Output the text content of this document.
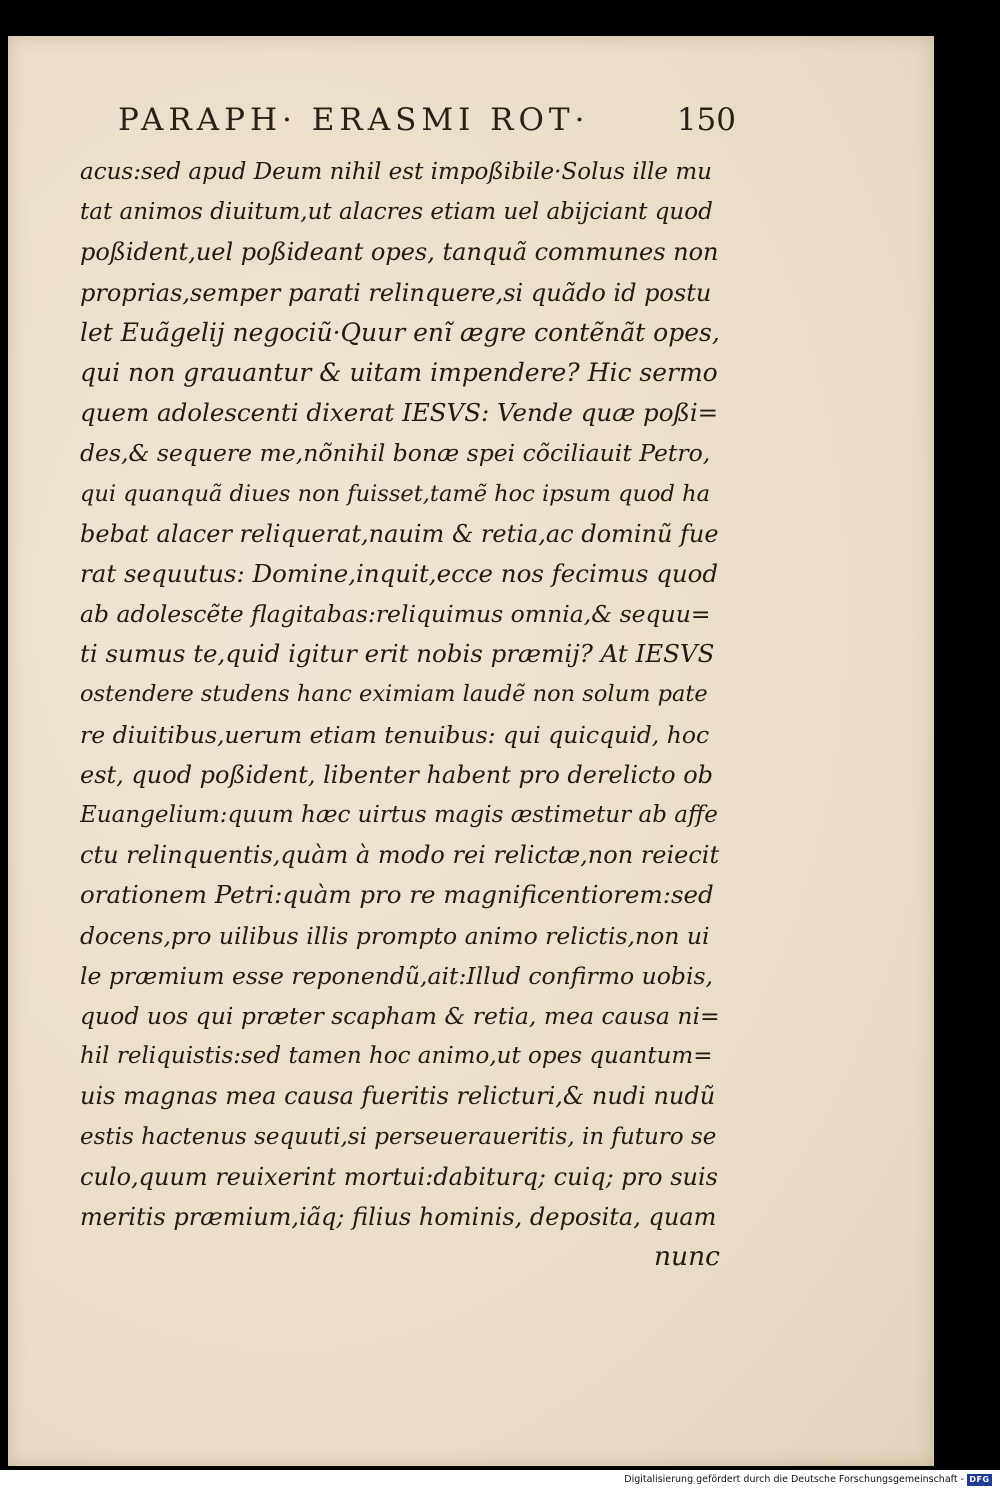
PARAPH· ERASMI ROT·	150
acus:sed apud Deum nihil est impoßibile·Solus ille mu
tat animos diuitum,ut alacres etiam uel abijciant quod
poßident,uel poßideant opes, tanquã communes non
proprias,semper parati relinquere,si quãdo id postu
let Euãgelij negociũ·Quur enĩ ægre contẽnãt opes,
qui non grauantur & uitam impendere? Hic sermo
quem adolescenti dixerat IESVS: Vende quæ poßi=
des,& sequere me,nõnihil bonæ spei cõciliauit Petro,
qui quanquã diues non fuisset,tamẽ hoc ipsum quod ha
bebat alacer reliquerat,nauim & retia,ac dominũ fue
rat sequutus: Domine,inquit,ecce nos fecimus quod
ab adolescẽte flagitabas:reliquimus omnia,& sequu=
ti sumus te,quid igitur erit nobis præmij? At IESVS
ostendere studens hanc eximiam laudẽ non solum pate
re diuitibus,uerum etiam tenuibus: qui quicquid, hoc
est, quod poßident, libenter habent pro derelicto ob
Euangelium:quum hæc uirtus magis æstimetur ab affe
ctu relinquentis,quàm à modo rei relictæ,non reiecit
orationem Petri:quàm pro re magnificentiorem:sed
docens,pro uilibus illis prompto animo relictis,non ui
le præmium esse reponendũ,ait:Illud confirmo uobis,
quod uos qui præter scapham & retia, mea causa ni=
hil reliquistis:sed tamen hoc animo,ut opes quantum=
uis magnas mea causa fueritis relicturi,& nudi nudũ
estis hactenus sequuti,si perseueraueritis, in futuro se
culo,quum reuixerint mortui:dabiturq; cuiq; pro suis
meritis præmium,iãq; filius hominis, deposita, quam
nunc
Digitalisierung gefördert durch die Deutsche Forschungsgemeinschaft - DFG
